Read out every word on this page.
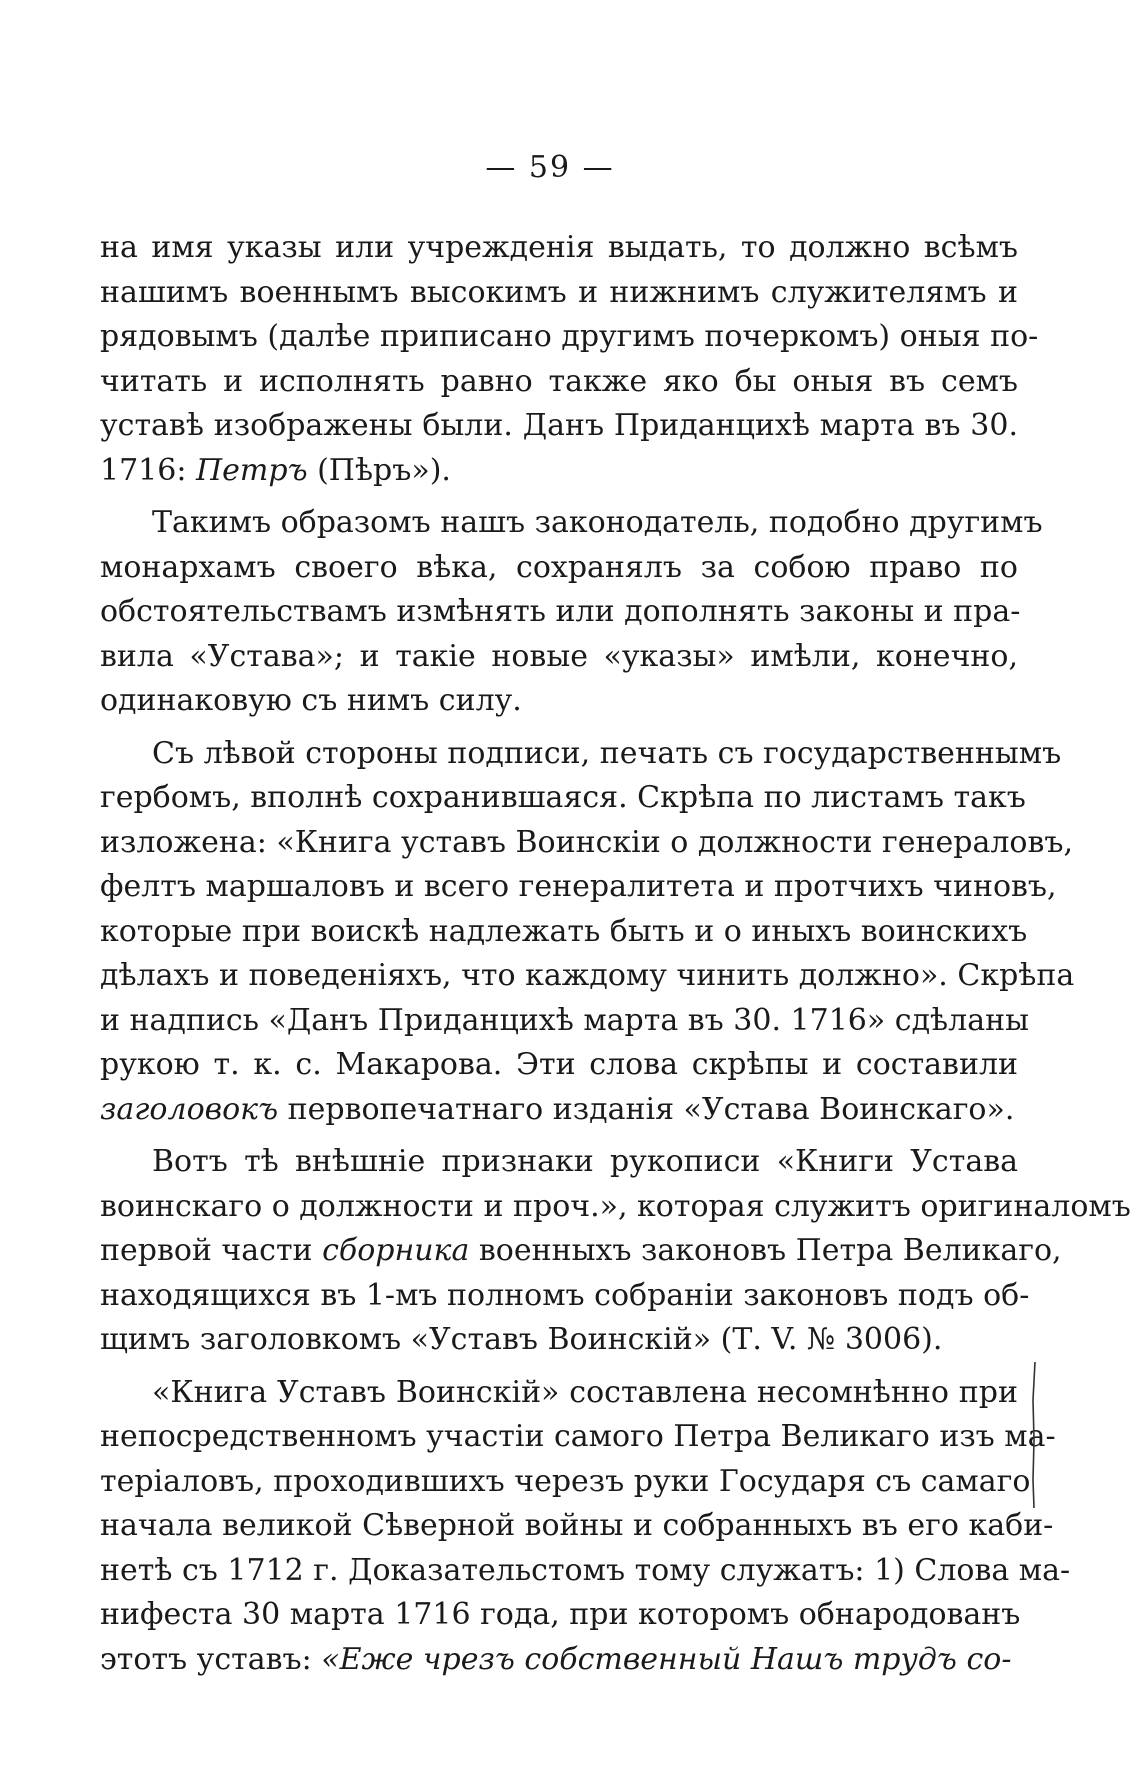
— 59 —
на имя указы или учрежденія выдать, то должно всѣмъ
нашимъ военнымъ высокимъ и нижнимъ служителямъ и
рядовымъ (далѣе приписано другимъ почеркомъ) оныя по-
читать и исполнять равно также яко бы оныя въ семъ
уставѣ изображены были. Данъ Приданцихѣ марта въ 30.
1716: Петръ (Пѣръ»).
Такимъ образомъ нашъ законодатель, подобно другимъ
монархамъ своего вѣка, сохранялъ за собою право по
обстоятельствамъ измѣнять или дополнять законы и пра-
вила «Устава»; и такіе новые «указы» имѣли, конечно,
одинаковую съ нимъ силу.
Съ лѣвой стороны подписи, печать съ государственнымъ
гербомъ, вполнѣ сохранившаяся. Скрѣпа по листамъ такъ
изложена: «Книга уставъ Воинскіи о должности генераловъ,
фелтъ маршаловъ и всего генералитета и протчихъ чиновъ,
которые при воискѣ надлежать быть и о иныхъ воинскихъ
дѣлахъ и поведеніяхъ, что каждому чинить должно». Скрѣпа
и надпись «Данъ Приданцихѣ марта въ 30. 1716» сдѣланы
рукою т. к. с. Макарова. Эти слова скрѣпы и составили
заголовокъ первопечатнаго изданія «Устава Воинскаго».
Вотъ тѣ внѣшніе признаки рукописи «Книги Устава
воинскаго о должности и проч.», которая служитъ оригиналомъ
первой части сборника военныхъ законовъ Петра Великаго,
находящихся въ 1-мъ полномъ собраніи законовъ подъ об-
щимъ заголовкомъ «Уставъ Воинскій» (Т. V. № 3006).
«Книга Уставъ Воинскій» составлена несомнѣнно при
непосредственномъ участіи самого Петра Великаго изъ ма-
теріаловъ, проходившихъ черезъ руки Государя съ самаго
начала великой Сѣверной войны и собранныхъ въ его каби-
нетѣ съ 1712 г. Доказательстомъ тому служатъ: 1) Слова ма-
нифеста 30 марта 1716 года, при которомъ обнародованъ
этотъ уставъ: «Еже чрезъ собственный Нашъ трудъ со-
